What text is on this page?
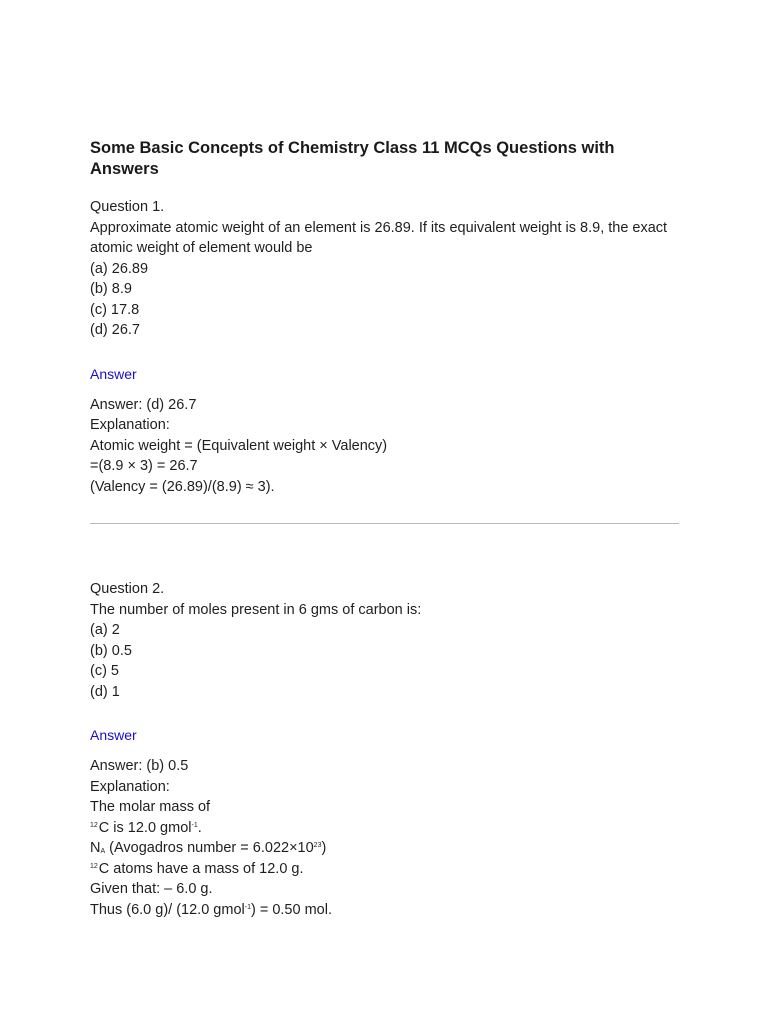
Some Basic Concepts of Chemistry Class 11 MCQs Questions with Answers

Question 1.

Approximate atomic weight of an element is 26.89. If its equivalent weight is 8.9, the exact atomic weight of element would be

(a) 26.89

(b) 8.9

(c) 17.8

(d) 26.7

Answer

Answer: (d) 26.7

Explanation:

Atomic weight = (Equivalent weight × Valency)

=(8.9 × 3) = 26.7

(Valency = (26.89)/(8.9) ≈ 3).

Question 2.

The number of moles present in 6 gms of carbon is:

(a) 2

(b) 0.5

(c) 5

(d) 1

Answer

Answer: (b) 0.5

Explanation:

The molar mass of

$^{12}$C is 12.0 gmol$^{-1}$.

$N_A$ (Avogadros number = $6.022\times 10^{23}$)

$^{12}$C atoms have a mass of 12.0 g.

Given that: – 6.0 g.

Thus (6.0 g)/ (12.0 gmol$^{-1}$) = 0.50 mol.
